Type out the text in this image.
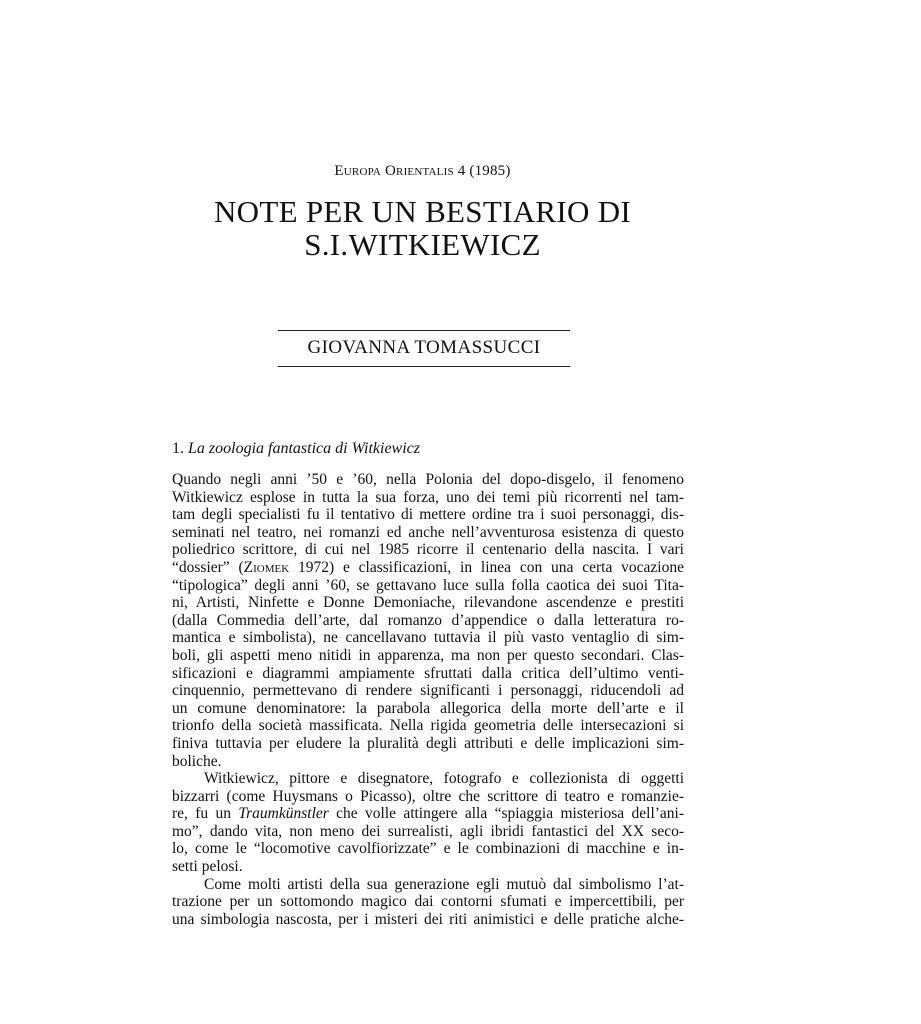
Europa Orientalis 4 (1985)
NOTE PER UN BESTIARIO DI
S.I.WITKIEWICZ
GIOVANNA TOMASSUCCI
1. La zoologia fantastica di Witkiewicz
Quando negli anni ’50 e ’60, nella Polonia del dopo-disgelo, il fenomeno
Witkiewicz esplose in tutta la sua forza, uno dei temi più ricorrenti nel tam-
tam degli specialisti fu il tentativo di mettere ordine tra i suoi personaggi, dis-
seminati nel teatro, nei romanzi ed anche nell’avventurosa esistenza di questo
poliedrico scrittore, di cui nel 1985 ricorre il centenario della nascita. I vari
“dossier” (Ziomek 1972) e classificazioni, in linea con una certa vocazione
“tipologica” degli anni ’60, se gettavano luce sulla folla caotica dei suoi Tita-
ni, Artisti, Ninfette e Donne Demoniache, rilevandone ascendenze e prestiti
(dalla Commedia dell’arte, dal romanzo d’appendice o dalla letteratura ro-
mantica e simbolista), ne cancellavano tuttavia il più vasto ventaglio di sim-
boli, gli aspetti meno nitidi in apparenza, ma non per questo secondari. Clas-
sificazioni e diagrammi ampiamente sfruttati dalla critica dell’ultimo venti-
cinquennio, permettevano di rendere significanti i personaggi, riducendoli ad
un comune denominatore: la parabola allegorica della morte dell’arte e il
trionfo della società massificata. Nella rigida geometria delle intersecazioni si
finiva tuttavia per eludere la pluralità degli attributi e delle implicazioni sim-
boliche.
Witkiewicz, pittore e disegnatore, fotografo e collezionista di oggetti
bizzarri (come Huysmans o Picasso), oltre che scrittore di teatro e romanzie-
re, fu un Traumkünstler che volle attingere alla “spiaggia misteriosa dell’ani-
mo”, dando vita, non meno dei surrealisti, agli ibridi fantastici del XX seco-
lo, come le “locomotive cavolfiorizzate” e le combinazioni di macchine e in-
setti pelosi.
Come molti artisti della sua generazione egli mutuò dal simbolismo l’at-
trazione per un sottomondo magico dai contorni sfumati e impercettibili, per
una simbologia nascosta, per i misteri dei riti animistici e delle pratiche alche-
